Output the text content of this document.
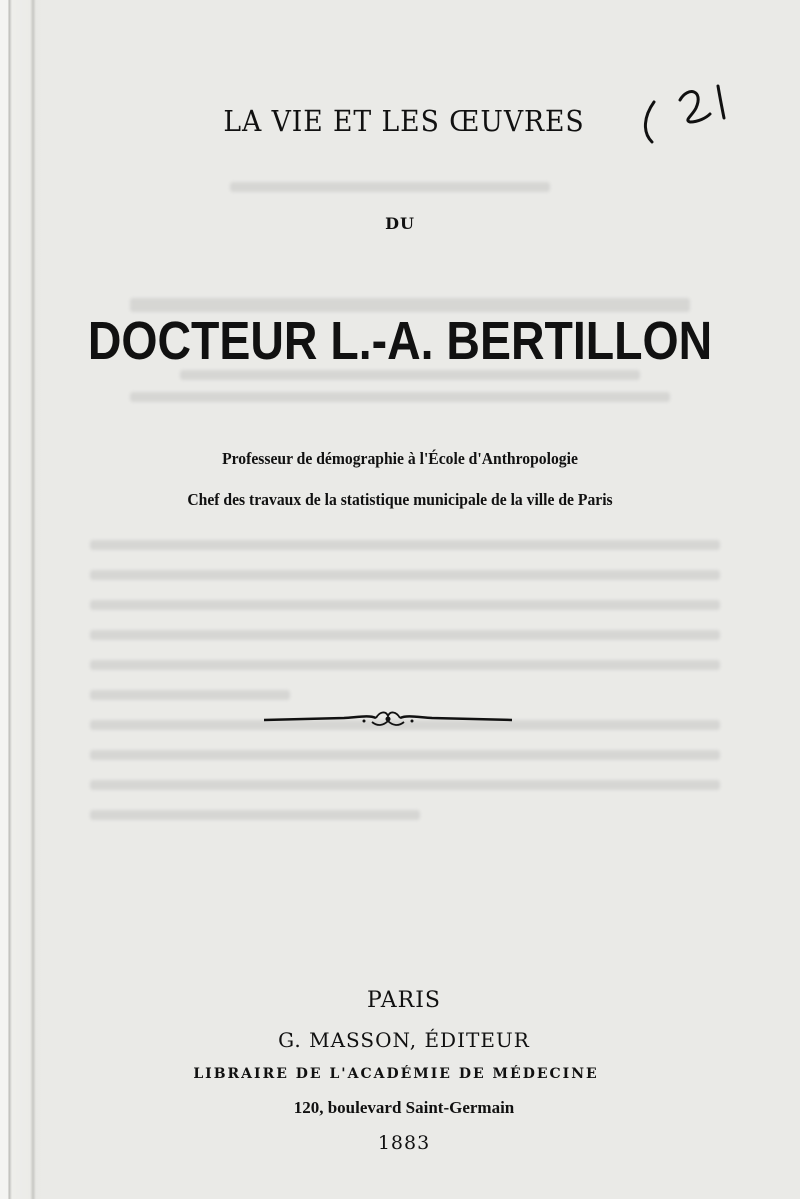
LA VIE ET LES ŒUVRES
DU
DOCTEUR L.-A. BERTILLON
Professeur de démographie à l'École d'Anthropologie
Chef des travaux de la statistique municipale de la ville de Paris
PARIS
G. MASSON, ÉDITEUR
LIBRAIRE DE L'ACADÉMIE DE MÉDECINE
120, boulevard Saint-Germain
1883
